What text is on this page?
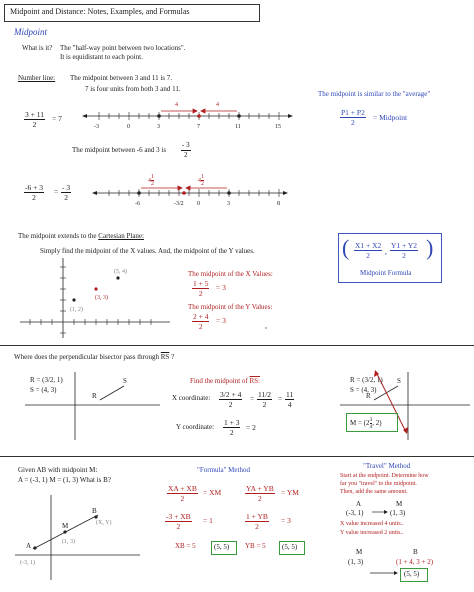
Midpoint and Distance: Notes, Examples, and Formulas
Midpoint
What is it? The "half-way point between two locations".
It is equidistant to each point.
Number line: The midpoint between 3 and 11 is 7.
7 is four units from both 3 and 11.
$\frac{3 + 11}{2} = 7$
The midpoint is similar to the "average"
$\frac{P1 + P2}{2}$ = Midpoint
4	4
-3	0	3	7	11	15
The midpoint between -6 and 3 is $\frac{- 3}{2}$
$\frac{-6 + 3}{2} = \frac{- 3}{2}$
$4 \frac{1}{2}$	$4 \frac{1}{2}$
-6	-3/2 0	3	8
The midpoint extends to the Cartesian Plane:
Simply find the midpoint of the X values. And, the midpoint of the Y values.
(5, 4)
(3, 3)
(1, 2)
The midpoint of the X Values:
$\frac{1 + 5}{2} = 3$
The midpoint of the Y Values:
$\frac{2 + 4}{2} = 3$
( $\frac{X1 + X2}{2}$ , $\frac{Y1 + Y2}{2}$ )
Midpoint Formula
Where does the perpendicular bisector pass through $\overline{RS}$ ?
R = (3/2, 1)
S = (4, 3)
R
S	Find the midpoint of RS:
X coordinate: $\frac{3/2 + 4}{2} = \frac{11/2}{2} = \frac{11}{4}$
Y coordinate: $\frac{1 + 3}{2} = 2$
R = (3/2, 1)
S = (4, 3)
R
S
$M = (2 \frac{3}{4}$ , 2)
Given AB with midpoint M:
A = (-3, 1) M = (1, 3) What is B?
B
(X, Y)
M
(1, 3)
A
(-3, 1)
"Formula" Method
$\frac{XA + XB}{2}$ = XM	$\frac{YA + YB}{2}$ = YM
$\frac{-3 + XB}{2} = 1$	$\frac{1 + YB}{2} = 3$
XB = 5	(5, 5) YB = 5 (5, 5)
"Travel" Method
Start at the endpoint. Determine how
far you "travel" to the midpoint.
Then, add the same amount.
A	M
(-3, 1)	(1, 3)
X value increased 4 units..
Y value increased 2 units..
M	B
(1, 3)	(1 + 4, 3 + 2)
(5, 5)
